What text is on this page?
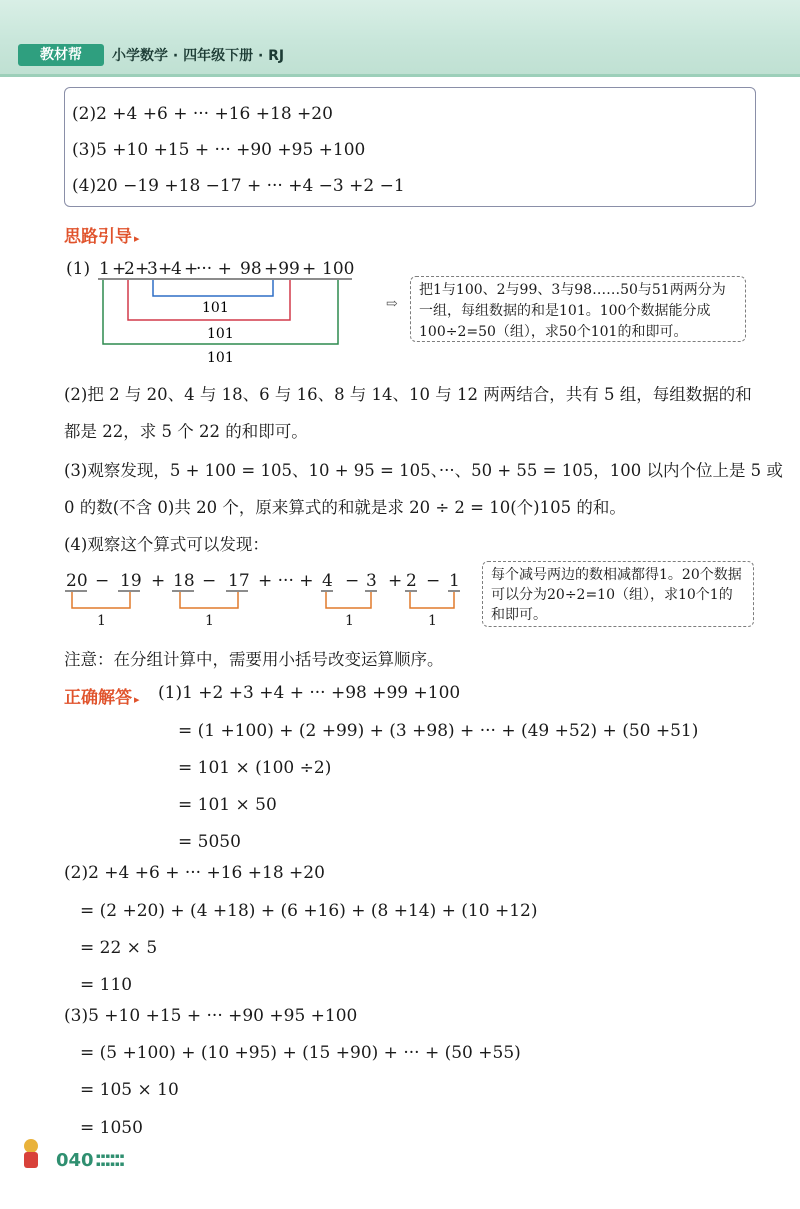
教材帮	小学数学 · 四年级下册 · RJ
(2)2 +4 +6 + ··· +16 +18 +20
(3)5 +10 +15 + ··· +90 +95 +100
(4)20 −19 +18 −17 + ··· +4 −3 +2 −1
思路引导 ▸
(1) 1 +
2 +
3 +
4 +
··· + 98 +99 + 100
101
101
101
⇨
把1与100、2与99、3与98……50与51两两分为一组，每组数据的和是101。100个数据能分成100÷2=50（组），求50个101的和即可。
(2)把 2 与 20、4 与 18、6 与 16、8 与 14、10 与 12 两两结合，共有 5 组，每组数据的和
都是 22，求 5 个 22 的和即可。
(3)观察发现，5 + 100 = 105、10 + 95 = 105、···、50 + 55 = 105，100 以内个位上是 5 或
0 的数(不含 0)共 20 个，原来算式的和就是求 20 ÷ 2 = 10(个)105 的和。
(4)观察这个算式可以发现：
20 − 19 + 18 − 17 + ··· + 4 − 3 + 2 − 1
1	1	1	1
每个减号两边的数相减都得1。20个数据可以分为20÷2=10（组），求10个1的和即可。
注意：在分组计算中，需要用小括号改变运算顺序。
正确解答 ▸ (1)1 +2 +3 +4 + ··· +98 +99 +100
= (1 +100) + (2 +99) + (3 +98) + ··· + (49 +52) + (50 +51)
= 101 × (100 ÷2)
= 101 × 50
= 5050
(2)2 +4 +6 + ··· +16 +18 +20
= (2 +20) + (4 +18) + (6 +16) + (8 +14) + (10 +12)
= 22 × 5
= 110
(3)5 +10 +15 + ··· +90 +95 +100
= (5 +100) + (10 +95) + (15 +90) + ··· + (50 +55)
= 105 × 10
= 1050
040 ▪▪▪▪▪▪
▪▪▪▪▪▪
